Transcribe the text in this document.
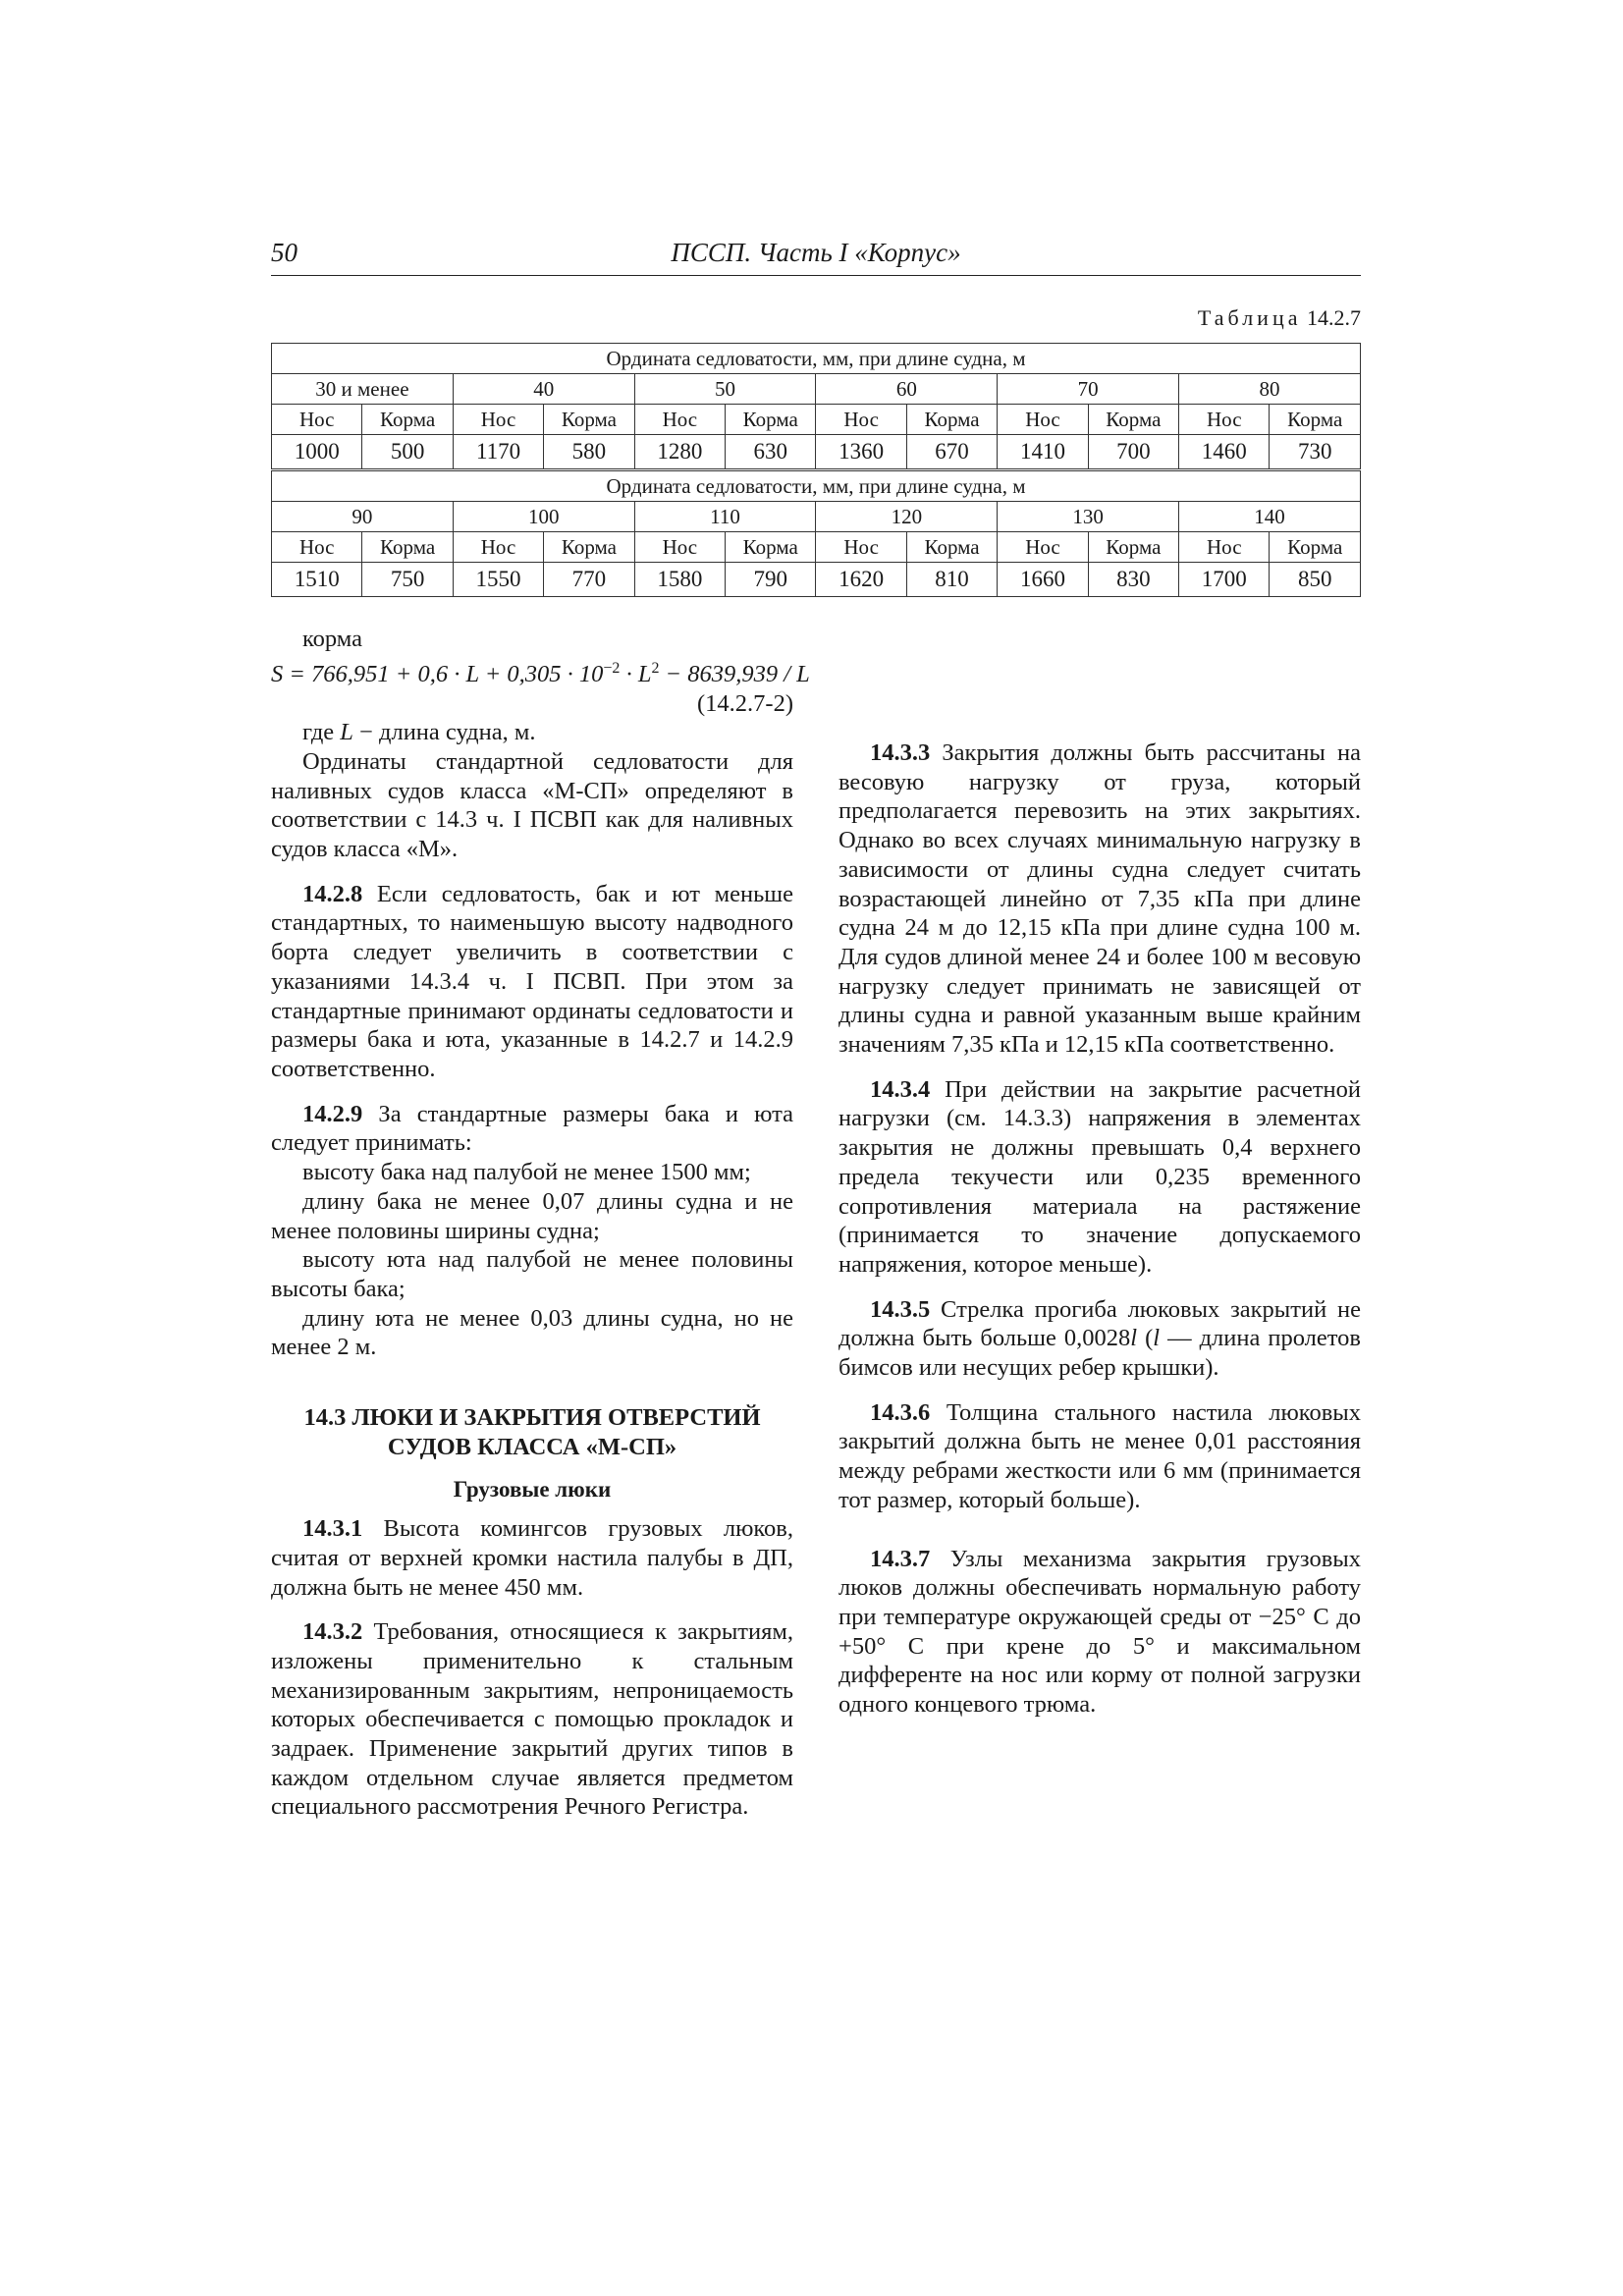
50	ПССП. Часть I «Корпус»
Таблица 14.2.7
Ордината седловатости, мм, при длине судна, м											
30 и менее		40		50		60		70		80	
Нос	Корма	Нос	Корма	Нос	Корма	Нос	Корма	Нос	Корма	Нос	Корма
1000	500	1170	580	1280	630	1360	670	1410	700	1460	730
Ордината седловатости, мм, при длине судна, м											
90		100		110		120		130		140	
Нос	Корма	Нос	Корма	Нос	Корма	Нос	Корма	Нос	Корма	Нос	Корма
1510	750	1550	770	1580	790	1620	810	1660	830	1700	850

корма

$S = 766,951 + 0,6 \cdot L + 0,305 \cdot 10^{-2} \cdot L^2 - 8639,939 / L$

(14.2.7-2)

где L − длина судна, м.

Ординаты стандартной седловатости для наливных судов класса «М-СП» определяют в соответствии с 14.3 ч. I ПСВП как для наливных судов класса «М».

14.2.8 Если седловатость, бак и ют меньше стандартных, то наименьшую высоту надводного борта следует увеличить в соответствии с указаниями 14.3.4 ч. I ПСВП. При этом за стандартные принимают ординаты седловатости и размеры бака и юта, указанные в 14.2.7 и 14.2.9 соответственно.

14.2.9 За стандартные размеры бака и юта следует принимать:

высоту бака над палубой не менее 1500 мм;

длину бака не менее 0,07 длины судна и не менее половины ширины судна;

высоту юта над палубой не менее половины высоты бака;

длину юта не менее 0,03 длины судна, но не менее 2 м.

14.3 ЛЮКИ И ЗАКРЫТИЯ ОТВЕРСТИЙ СУДОВ КЛАССА «М-СП»

Грузовые люки

14.3.1 Высота комингсов грузовых люков, считая от верхней кромки настила палубы в ДП, должна быть не менее 450 мм.

14.3.2 Требования, относящиеся к закрытиям, изложены применительно к стальным механизированным закрытиям, непроницаемость которых обеспечивается с помощью прокладок и задраек. Применение закрытий других типов в каждом отдельном случае является предметом специального рассмотрения Речного Регистра.

14.3.3 Закрытия должны быть рассчитаны на весовую нагрузку от груза, который предполагается перевозить на этих закрытиях. Однако во всех случаях минимальную нагрузку в зависимости от длины судна следует считать возрастающей линейно от 7,35 кПа при длине судна 24 м до 12,15 кПа при длине судна 100 м. Для судов длиной менее 24 и более 100 м весовую нагрузку следует принимать не зависящей от длины судна и равной указанным выше крайним значениям 7,35 кПа и 12,15 кПа соответственно.

14.3.4 При действии на закрытие расчетной нагрузки (см. 14.3.3) напряжения в элементах закрытия не должны превышать 0,4 верхнего предела текучести или 0,235 временного сопротивления материала на растяжение (принимается то значение допускаемого напряжения, которое меньше).

14.3.5 Стрелка прогиба люковых закрытий не должна быть больше 0,0028l (l — длина пролетов бимсов или несущих ребер крышки).

14.3.6 Толщина стального настила люковых закрытий должна быть не менее 0,01 расстояния между ребрами жесткости или 6 мм (принимается тот размер, который больше).

14.3.7 Узлы механизма закрытия грузовых люков должны обеспечивать нормальную работу при температуре окружающей среды от −25° С до +50° С при крене до 5° и максимальном дифференте на нос или корму от полной загрузки одного концевого трюма.
